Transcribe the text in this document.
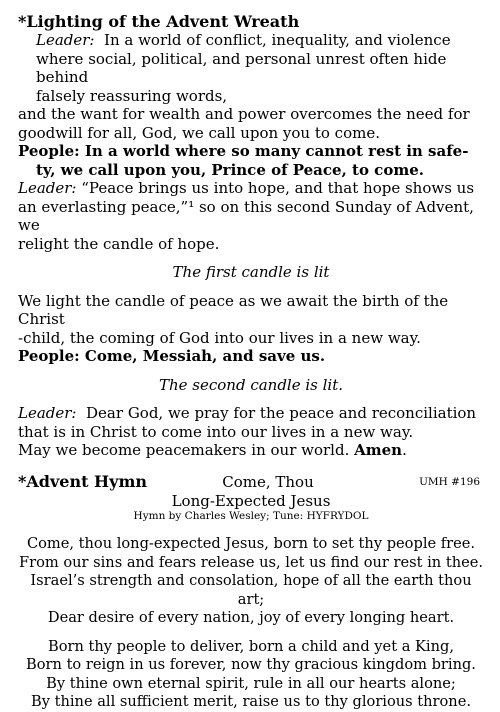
*Lighting of the Advent Wreath

Leader: In a world of conflict, inequality, and violence

where social, political, and personal unrest often hide behind

falsely reassuring words,

and the want for wealth and power overcomes the need for

goodwill for all, God, we call upon you to come.

People: In a world where so many cannot rest in safe-

ty, we call upon you, Prince of Peace, to come.

Leader: “Peace brings us into hope, and that hope shows us

an everlasting peace,”¹ so on this second Sunday of Advent, we

relight the candle of hope.

The first candle is lit

We light the candle of peace as we await the birth of the Christ

-child, the coming of God into our lives in a new way.

People: Come, Messiah, and save us.

The second candle is lit.

Leader: Dear God, we pray for the peace and reconciliation

that is in Christ to come into our lives in a new way.

May we become peacemakers in our world. Amen.

*Advent Hymn	Come, Thou	UMH #196

Long-Expected Jesus

Hymn by Charles Wesley; Tune: HYFRYDOL

Come, thou long-expected Jesus, born to set thy people free.

From our sins and fears release us, let us find our rest in thee.

Israel’s strength and consolation, hope of all the earth thou art;

Dear desire of every nation, joy of every longing heart.

Born thy people to deliver, born a child and yet a King,

Born to reign in us forever, now thy gracious kingdom bring.

By thine own eternal spirit, rule in all our hearts alone;

By thine all sufficient merit, raise us to thy glorious throne.
